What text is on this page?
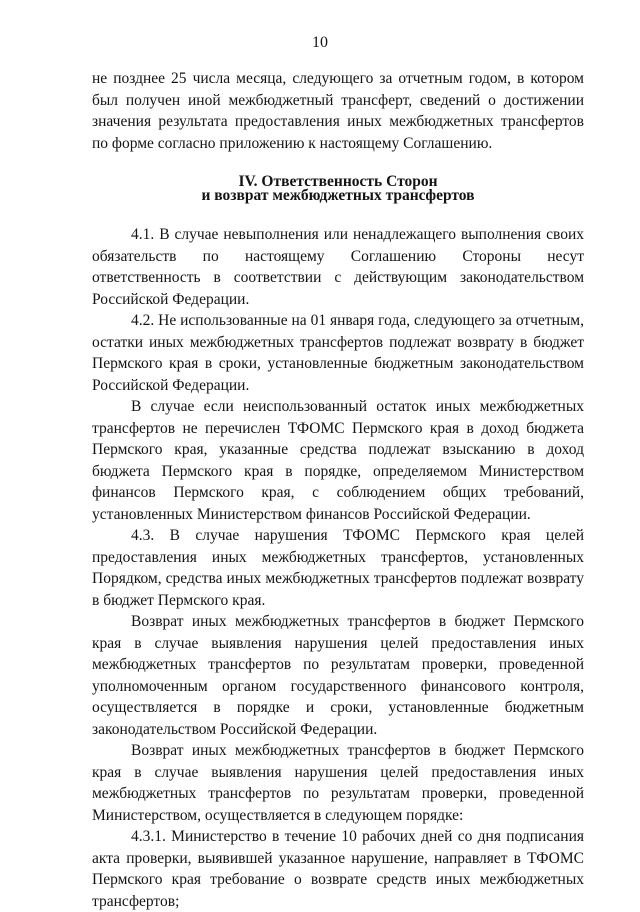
10

не позднее 25 числа месяца, следующего за отчетным годом, в котором был получен иной межбюджетный трансферт, сведений о достижении значения результата предоставления иных межбюджетных трансфертов по форме согласно приложению к настоящему Соглашению.

IV. Ответственность Сторон
и возврат межбюджетных трансфертов

4.1. В случае невыполнения или ненадлежащего выполнения своих обязательств по настоящему Соглашению Стороны несут ответственность в соответствии с действующим законодательством Российской Федерации.

4.2. Не использованные на 01 января года, следующего за отчетным, остатки иных межбюджетных трансфертов подлежат возврату в бюджет Пермского края в сроки, установленные бюджетным законодательством Российской Федерации.

В случае если неиспользованный остаток иных межбюджетных трансфертов не перечислен ТФОМС Пермского края в доход бюджета Пермского края, указанные средства подлежат взысканию в доход бюджета Пермского края в порядке, определяемом Министерством финансов Пермского края, с соблюдением общих требований, установленных Министерством финансов Российской Федерации.

4.3. В случае нарушения ТФОМС Пермского края целей предоставления иных межбюджетных трансфертов, установленных Порядком, средства иных межбюджетных трансфертов подлежат возврату в бюджет Пермского края.

Возврат иных межбюджетных трансфертов в бюджет Пермского края в случае выявления нарушения целей предоставления иных межбюджетных трансфертов по результатам проверки, проведенной уполномоченным органом государственного финансового контроля, осуществляется в порядке и сроки, установленные бюджетным законодательством Российской Федерации.

Возврат иных межбюджетных трансфертов в бюджет Пермского края в случае выявления нарушения целей предоставления иных межбюджетных трансфертов по результатам проверки, проведенной Министерством, осуществляется в следующем порядке:

4.3.1. Министерство в течение 10 рабочих дней со дня подписания акта проверки, выявившей указанное нарушение, направляет в ТФОМС Пермского края требование о возврате средств иных межбюджетных трансфертов;
